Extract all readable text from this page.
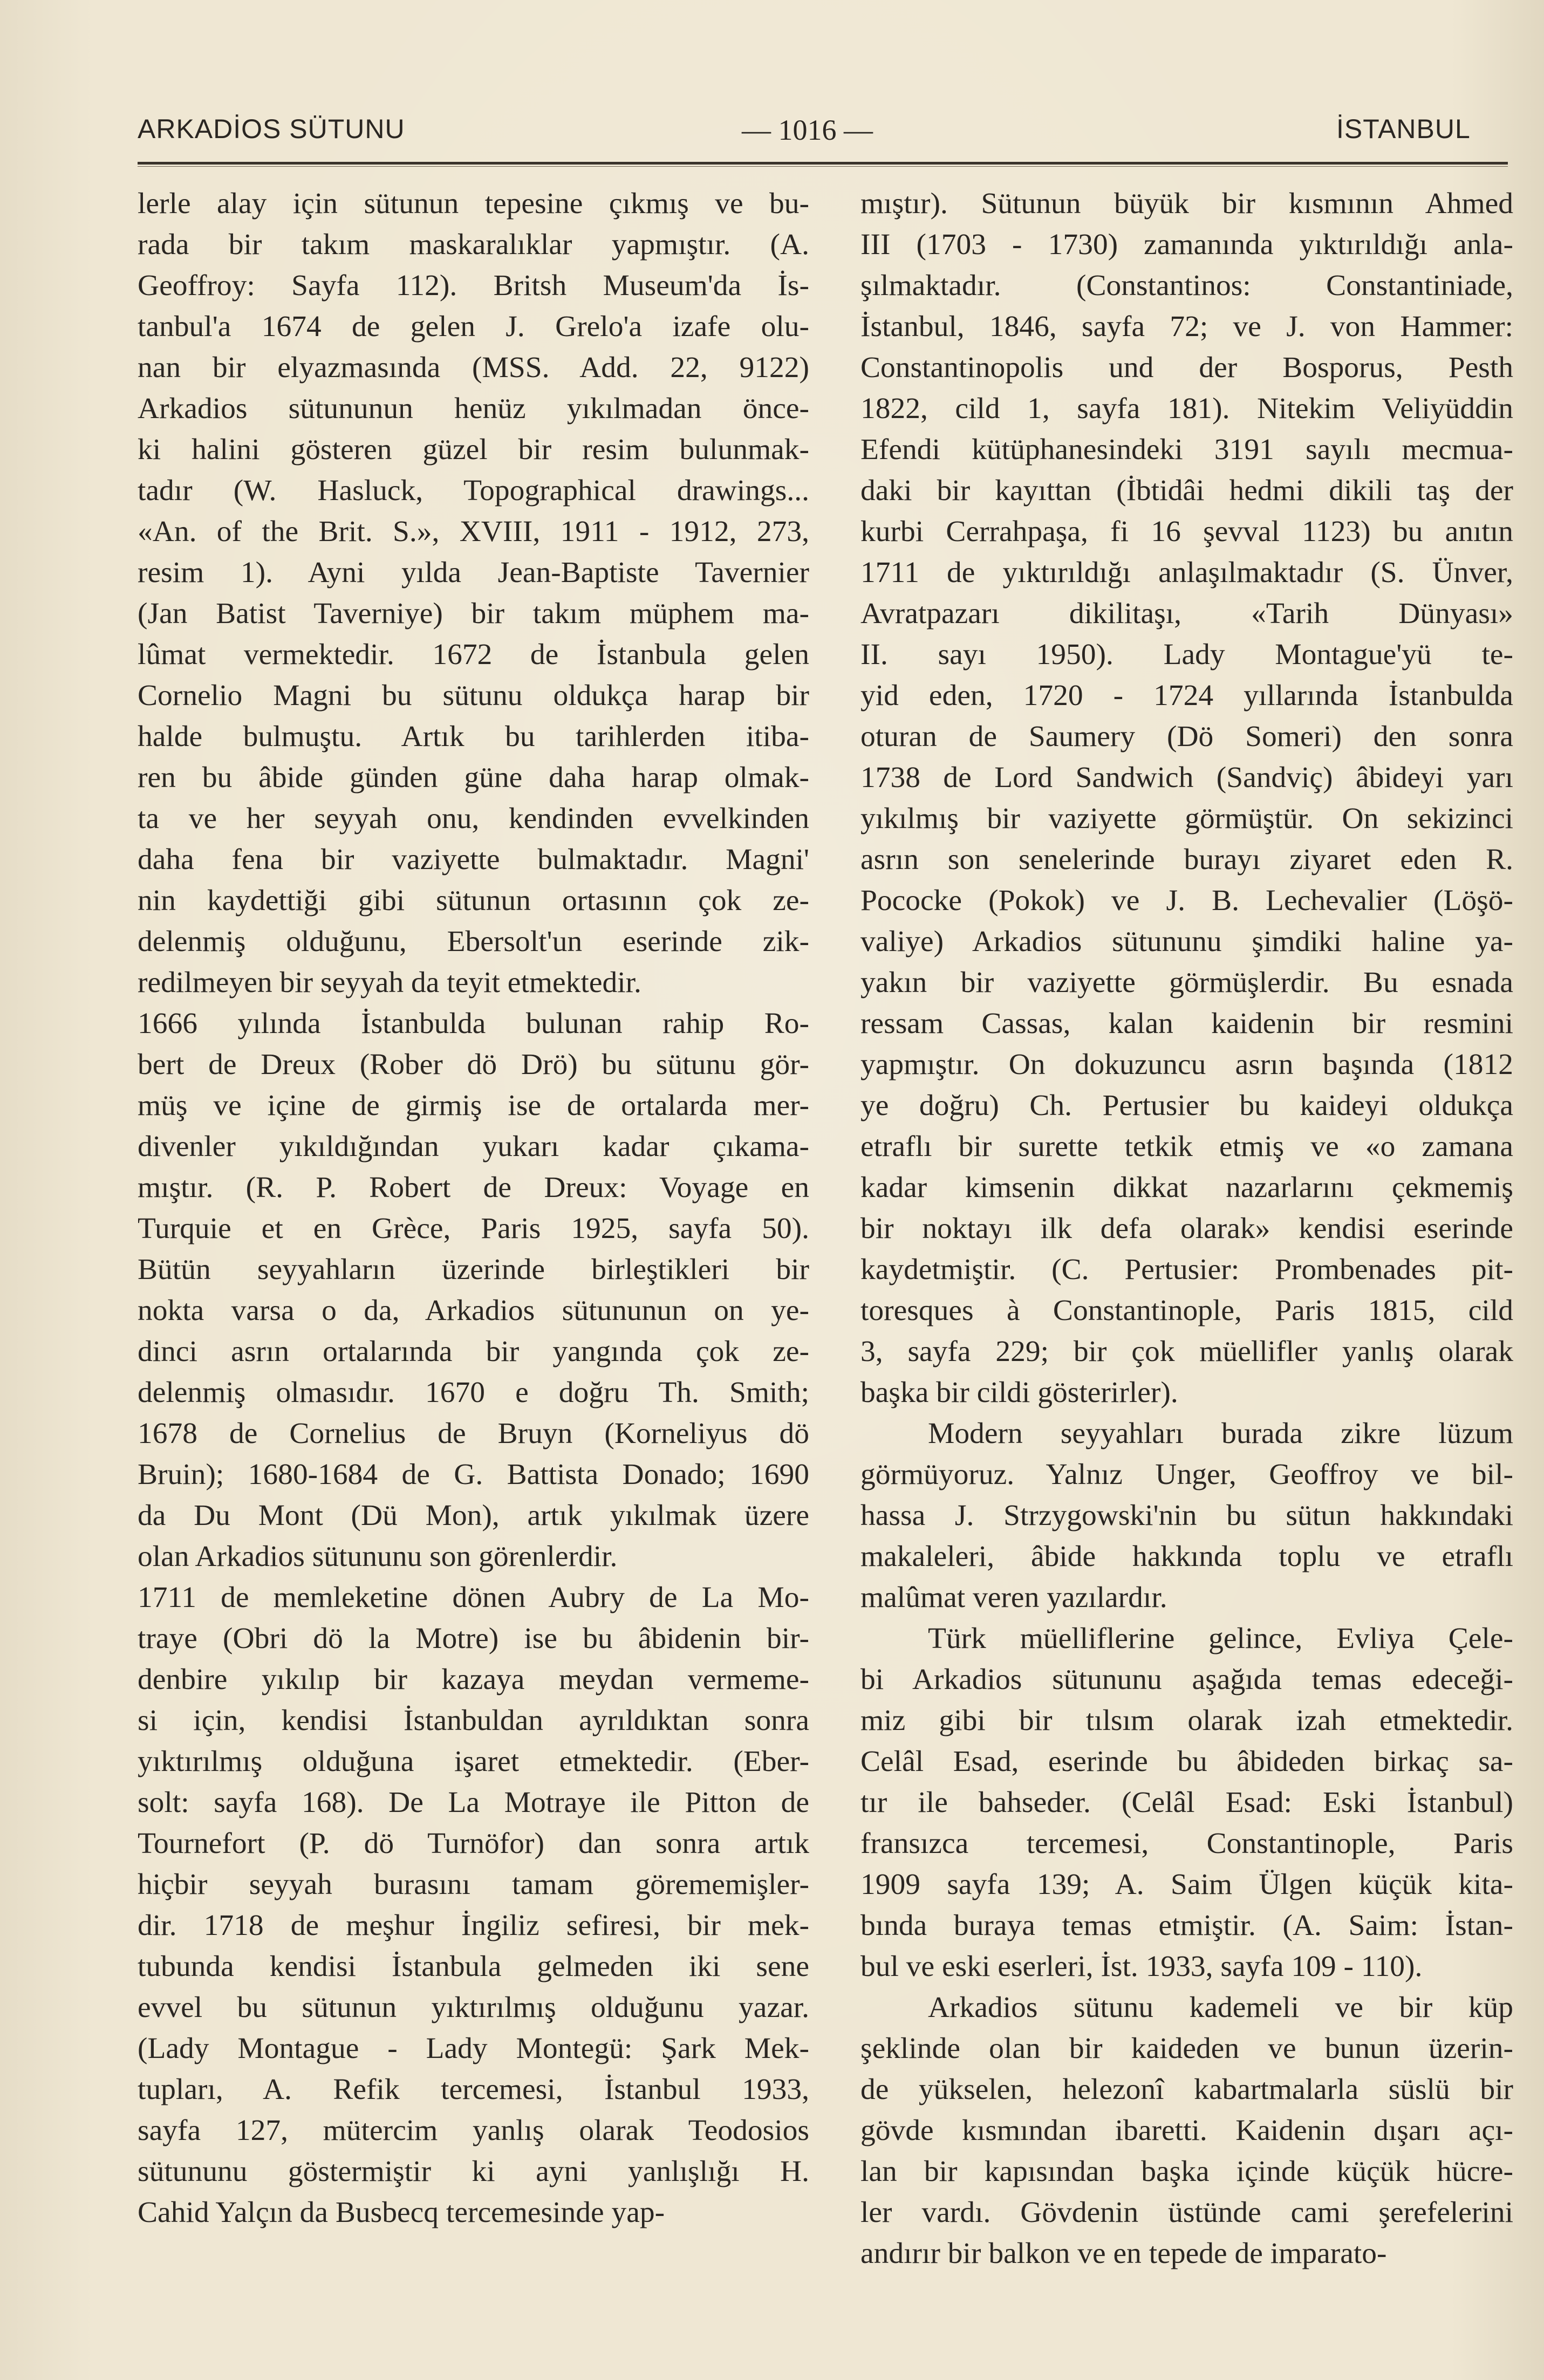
ARKADİOS SÜTUNU	— 1016 —	İSTANBUL
lerle alay için sütunun tepesine çıkmış ve bu-
rada bir takım maskaralıklar yapmıştır. (A.
Geoffroy: Sayfa 112). Britsh Museum'da İs-
tanbul'a 1674 de gelen J. Grelo'a izafe olu-
nan bir elyazmasında (MSS. Add. 22, 9122)
Arkadios sütununun henüz yıkılmadan önce-
ki halini gösteren güzel bir resim bulunmak-
tadır (W. Hasluck, Topographical drawings...
«An. of the Brit. S.», XVIII, 1911 - 1912, 273,
resim 1). Ayni yılda Jean-Baptiste Tavernier
(Jan Batist Taverniye) bir takım müphem ma-
lûmat vermektedir. 1672 de İstanbula gelen
Cornelio Magni bu sütunu oldukça harap bir
halde bulmuştu. Artık bu tarihlerden itiba-
ren bu âbide günden güne daha harap olmak-
ta ve her seyyah onu, kendinden evvelkinden
daha fena bir vaziyette bulmaktadır. Magni'
nin kaydettiği gibi sütunun ortasının çok ze-
delenmiş olduğunu, Ebersolt'un eserinde zik-
redilmeyen bir seyyah da teyit etmektedir.
1666 yılında İstanbulda bulunan rahip Ro-
bert de Dreux (Rober dö Drö) bu sütunu gör-
müş ve içine de girmiş ise de ortalarda mer-
divenler yıkıldığından yukarı kadar çıkama-
mıştır. (R. P. Robert de Dreux: Voyage en
Turquie et en Grèce, Paris 1925, sayfa 50).
Bütün seyyahların üzerinde birleştikleri bir
nokta varsa o da, Arkadios sütununun on ye-
dinci asrın ortalarında bir yangında çok ze-
delenmiş olmasıdır. 1670 e doğru Th. Smith;
1678 de Cornelius de Bruyn (Korneliyus dö
Bruin); 1680-1684 de G. Battista Donado; 1690
da Du Mont (Dü Mon), artık yıkılmak üzere
olan Arkadios sütununu son görenlerdir.
1711 de memleketine dönen Aubry de La Mo-
traye (Obri dö la Motre) ise bu âbidenin bir-
denbire yıkılıp bir kazaya meydan vermeme-
si için, kendisi İstanbuldan ayrıldıktan sonra
yıktırılmış olduğuna işaret etmektedir. (Eber-
solt: sayfa 168). De La Motraye ile Pitton de
Tournefort (P. dö Turnöfor) dan sonra artık
hiçbir seyyah burasını tamam görememişler-
dir. 1718 de meşhur İngiliz sefiresi, bir mek-
tubunda kendisi İstanbula gelmeden iki sene
evvel bu sütunun yıktırılmış olduğunu yazar.
(Lady Montague - Lady Montegü: Şark Mek-
tupları, A. Refik tercemesi, İstanbul 1933,
sayfa 127, mütercim yanlış olarak Teodosios
sütununu göstermiştir ki ayni yanlışlığı H.
Cahid Yalçın da Busbecq tercemesinde yap-
mıştır). Sütunun büyük bir kısmının Ahmed
III (1703 - 1730) zamanında yıktırıldığı anla-
şılmaktadır. (Constantinos: Constantiniade,
İstanbul, 1846, sayfa 72; ve J. von Hammer:
Constantinopolis und der Bosporus, Pesth
1822, cild 1, sayfa 181). Nitekim Veliyüddin
Efendi kütüphanesindeki 3191 sayılı mecmua-
daki bir kayıttan (İbtidâi hedmi dikili taş der
kurbi Cerrahpaşa, fi 16 şevval 1123) bu anıtın
1711 de yıktırıldığı anlaşılmaktadır (S. Ünver,
Avratpazarı dikilitaşı, «Tarih Dünyası»
II. sayı 1950). Lady Montague'yü te-
yid eden, 1720 - 1724 yıllarında İstanbulda
oturan de Saumery (Dö Someri) den sonra
1738 de Lord Sandwich (Sandviç) âbideyi yarı
yıkılmış bir vaziyette görmüştür. On sekizinci
asrın son senelerinde burayı ziyaret eden R.
Pococke (Pokok) ve J. B. Lechevalier (Löşö-
valiye) Arkadios sütununu şimdiki haline ya-
yakın bir vaziyette görmüşlerdir. Bu esnada
ressam Cassas, kalan kaidenin bir resmini
yapmıştır. On dokuzuncu asrın başında (1812
ye doğru) Ch. Pertusier bu kaideyi oldukça
etraflı bir surette tetkik etmiş ve «o zamana
kadar kimsenin dikkat nazarlarını çekmemiş
bir noktayı ilk defa olarak» kendisi eserinde
kaydetmiştir. (C. Pertusier: Prombenades pit-
toresques à Constantinople, Paris 1815, cild
3, sayfa 229; bir çok müellifler yanlış olarak
başka bir cildi gösterirler).
Modern seyyahları burada zikre lüzum
görmüyoruz. Yalnız Unger, Geoffroy ve bil-
hassa J. Strzygowski'nin bu sütun hakkındaki
makaleleri, âbide hakkında toplu ve etraflı
malûmat veren yazılardır.
Türk müelliflerine gelince, Evliya Çele-
bi Arkadios sütununu aşağıda temas edeceği-
miz gibi bir tılsım olarak izah etmektedir.
Celâl Esad, eserinde bu âbideden birkaç sa-
tır ile bahseder. (Celâl Esad: Eski İstanbul)
fransızca tercemesi, Constantinople, Paris
1909 sayfa 139; A. Saim Ülgen küçük kita-
bında buraya temas etmiştir. (A. Saim: İstan-
bul ve eski eserleri, İst. 1933, sayfa 109 - 110).
Arkadios sütunu kademeli ve bir küp
şeklinde olan bir kaideden ve bunun üzerin-
de yükselen, helezonî kabartmalarla süslü bir
gövde kısmından ibaretti. Kaidenin dışarı açı-
lan bir kapısından başka içinde küçük hücre-
ler vardı. Gövdenin üstünde cami şerefelerini
andırır bir balkon ve en tepede de imparato-
